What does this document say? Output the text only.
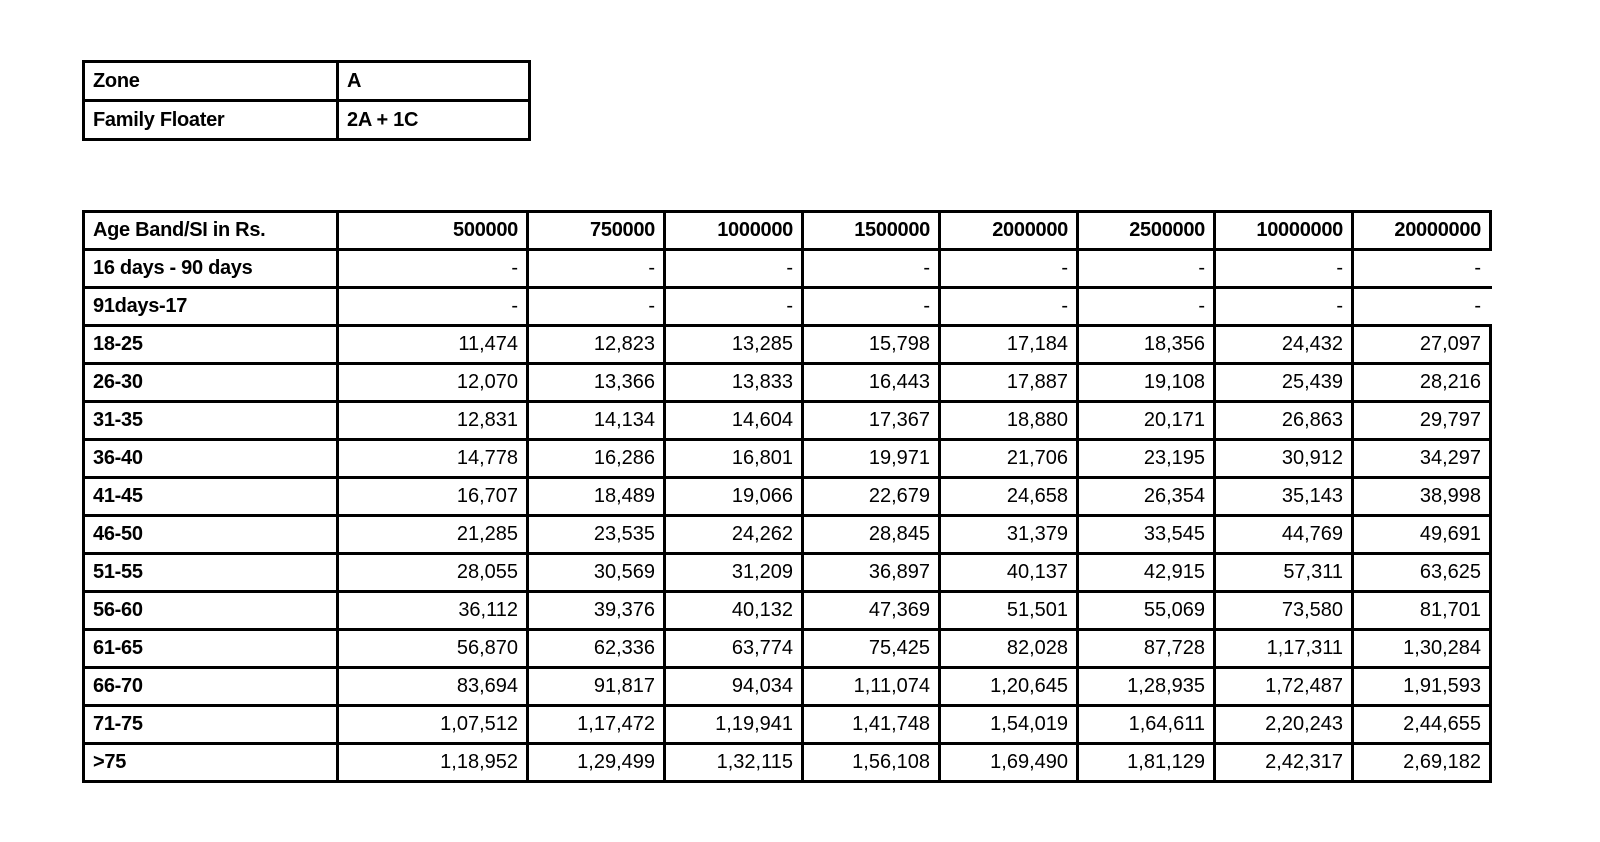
Zone	A
Family Floater	2A + 1C
Age Band/SI in Rs.	500000	750000	1000000	1500000	2000000	2500000	10000000	20000000
16 days - 90 days	-	-	-	-	-	-	-	-
91days-17	-	-	-	-	-	-	-	-
18-25	11,474	12,823	13,285	15,798	17,184	18,356	24,432	27,097
26-30	12,070	13,366	13,833	16,443	17,887	19,108	25,439	28,216
31-35	12,831	14,134	14,604	17,367	18,880	20,171	26,863	29,797
36-40	14,778	16,286	16,801	19,971	21,706	23,195	30,912	34,297
41-45	16,707	18,489	19,066	22,679	24,658	26,354	35,143	38,998
46-50	21,285	23,535	24,262	28,845	31,379	33,545	44,769	49,691
51-55	28,055	30,569	31,209	36,897	40,137	42,915	57,311	63,625
56-60	36,112	39,376	40,132	47,369	51,501	55,069	73,580	81,701
61-65	56,870	62,336	63,774	75,425	82,028	87,728	1,17,311	1,30,284
66-70	83,694	91,817	94,034	1,11,074	1,20,645	1,28,935	1,72,487	1,91,593
71-75	1,07,512	1,17,472	1,19,941	1,41,748	1,54,019	1,64,611	2,20,243	2,44,655
>75	1,18,952	1,29,499	1,32,115	1,56,108	1,69,490	1,81,129	2,42,317	2,69,182
